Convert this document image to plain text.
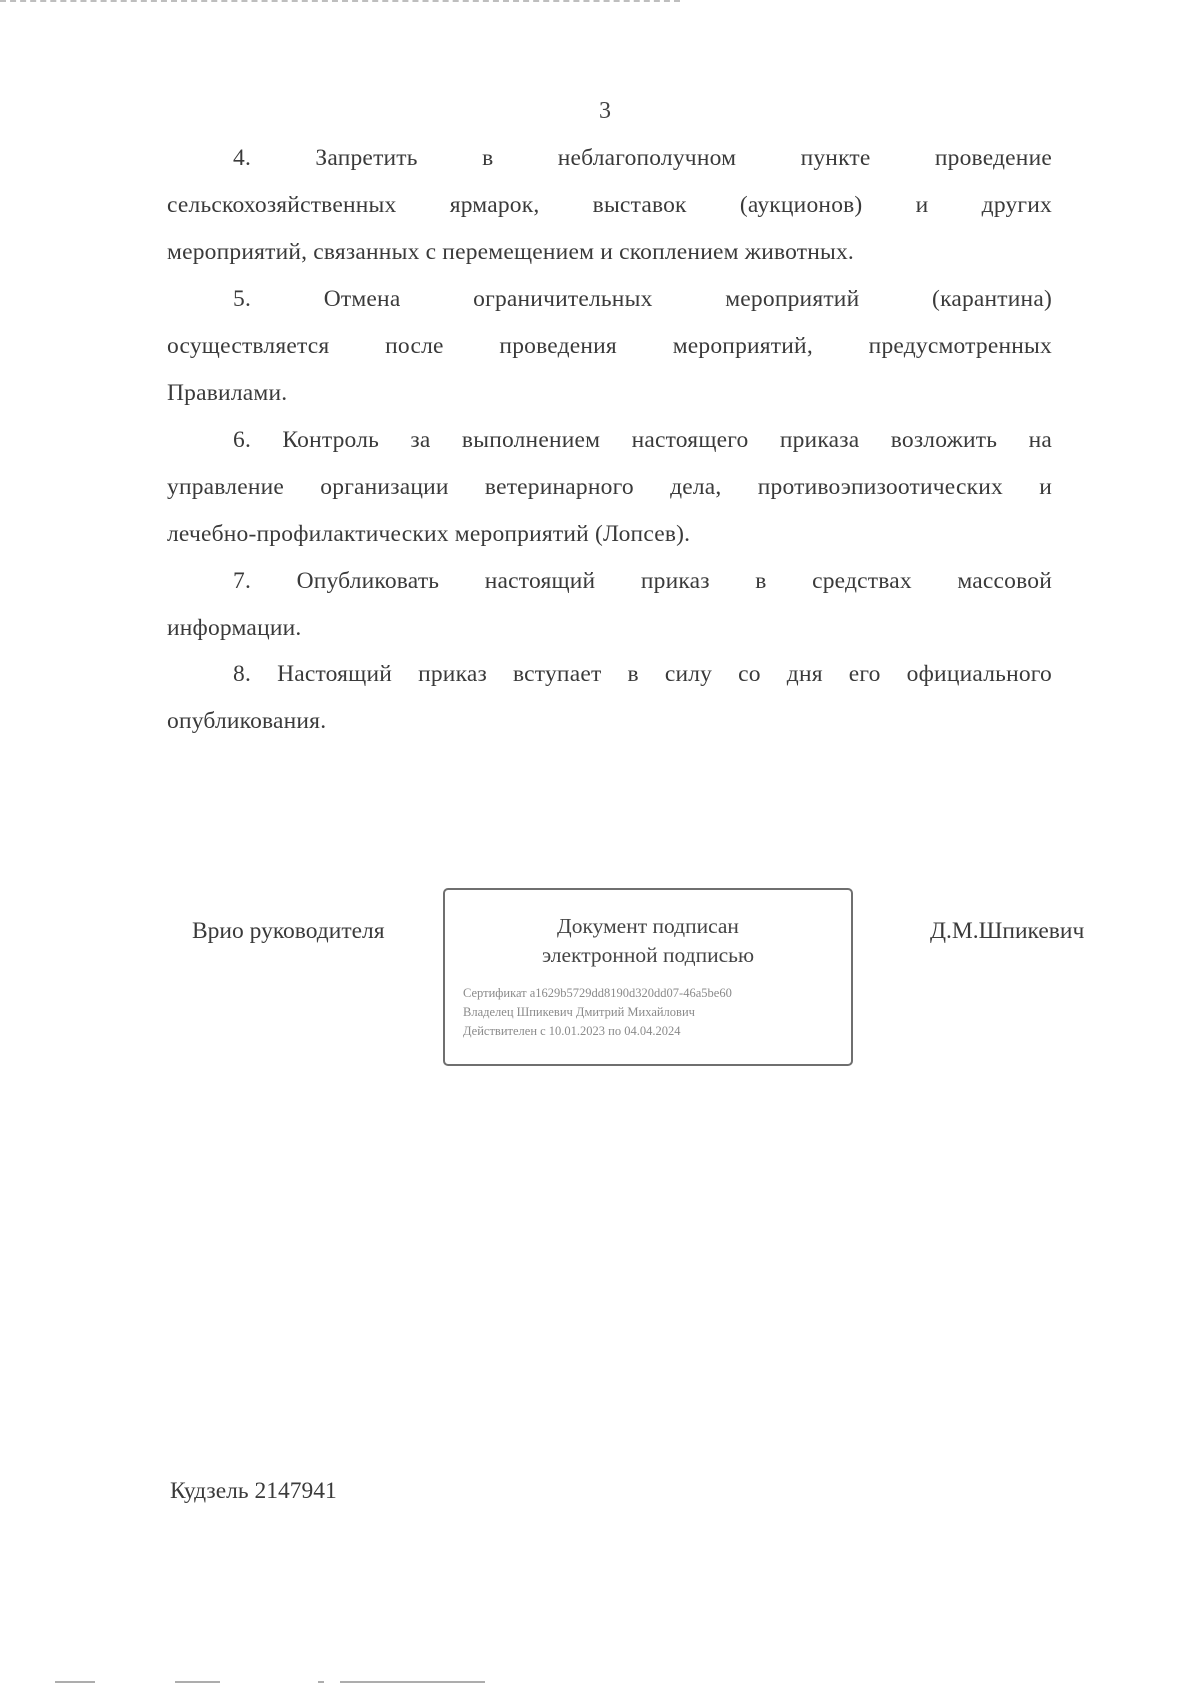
3
4. Запретить в неблагополучном пункте проведение
сельскохозяйственных ярмарок, выставок (аукционов) и других
мероприятий, связанных с перемещением и скоплением животных.
5. Отмена ограничительных мероприятий (карантина)
осуществляется после проведения мероприятий, предусмотренных
Правилами.
6. Контроль за выполнением настоящего приказа возложить на
управление организации ветеринарного дела, противоэпизоотических и
лечебно-профилактических мероприятий (Лопсев).
7. Опубликовать настоящий приказ в средствах массовой
информации.
8. Настоящий приказ вступает в силу со дня его официального
опубликования.
Врио руководителя	Документ подписан
электронной подписью
Сертификат a1629b5729dd8190d320dd07-46a5be60
Владелец Шпикевич Дмитрий Михайлович
Действителен с 10.01.2023 по 04.04.2024
Д.М.Шпикевич
Кудзель 2147941
